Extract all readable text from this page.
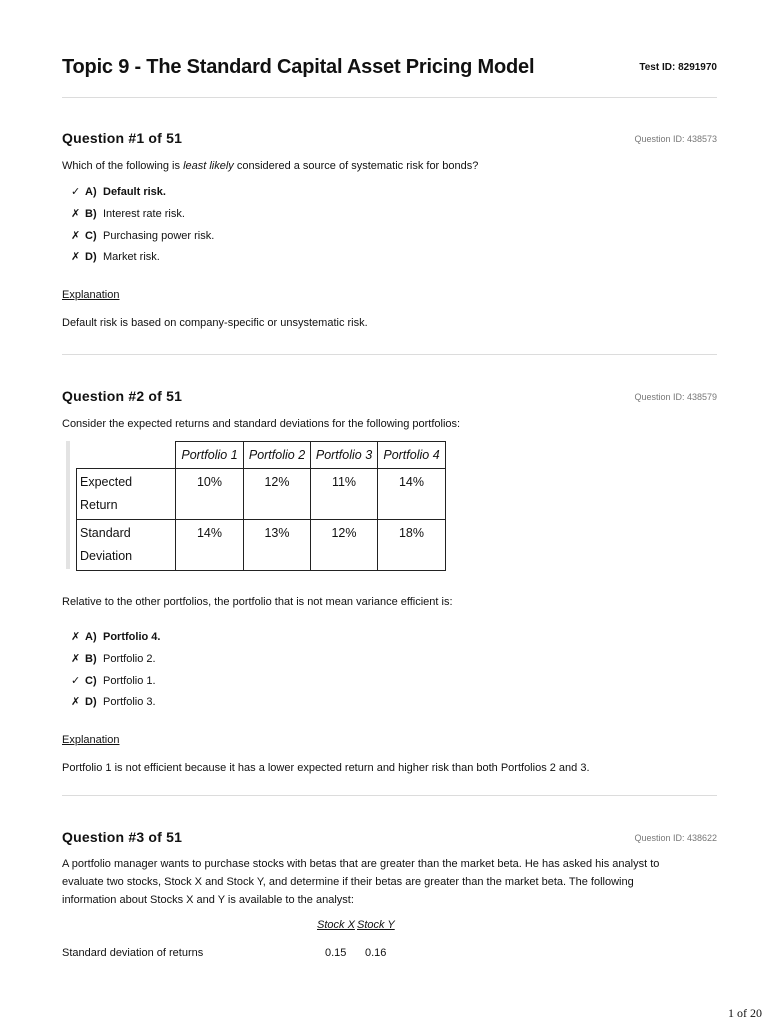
Topic 9 - The Standard Capital Asset Pricing Model	Test ID: 8291970
Question #1 of 51	Question ID: 438573

Which of the following is least likely considered a source of systematic risk for bonds?

✓ A) Default risk.
✗ B) Interest rate risk.
✗ C) Purchasing power risk.
✗ D) Market risk.
Explanation

Default risk is based on company-specific or unsystematic risk.

Question #2 of 51	Question ID: 438579

Consider the expected returns and standard deviations for the following portfolios:

	Portfolio 1	Portfolio 2	Portfolio 3	Portfolio 4
Expected
Return	10%	12%	11%	14%
Standard
Deviation	14%	13%	12%	18%

Relative to the other portfolios, the portfolio that is not mean variance efficient is:

✗ A) Portfolio 4.
✗ B) Portfolio 2.
✓ C) Portfolio 1.
✗ D) Portfolio 3.
Explanation

Portfolio 1 is not efficient because it has a lower expected return and higher risk than both Portfolios 2 and 3.

Question #3 of 51	Question ID: 438622

A portfolio manager wants to purchase stocks with betas that are greater than the market beta. He has asked his analyst to
evaluate two stocks, Stock X and Stock Y, and determine if their betas are greater than the market beta. The following
information about Stocks X and Y is available to the analyst:

Stock X Stock Y
Standard deviation of returns	0.15 0.16
1 of 20
